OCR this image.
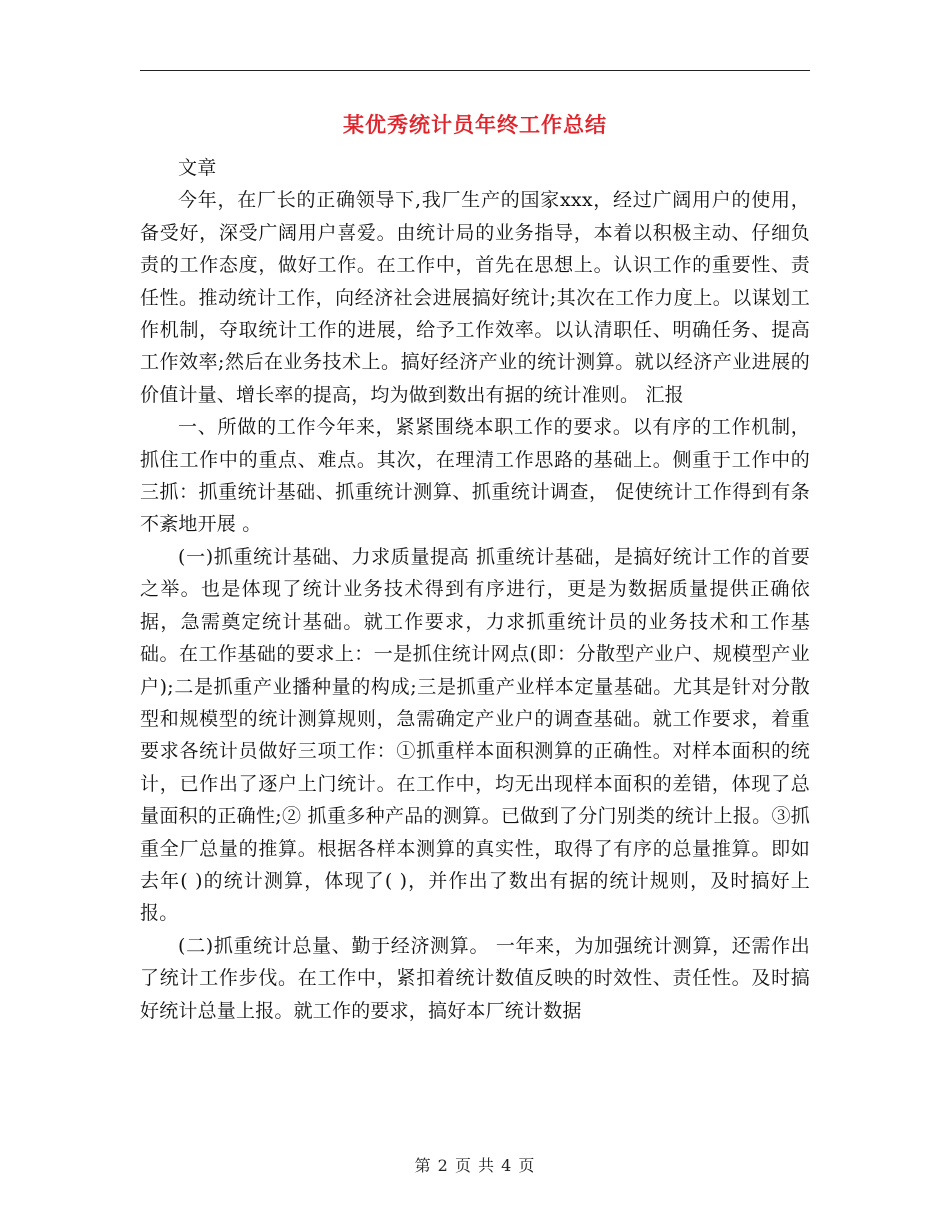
某优秀统计员年终工作总结

文章

今年，在厂长的正确领导下,我厂生产的国家xxx，经过广阔用户的使用，备受好，深受广阔用户喜爱。由统计局的业务指导，本着以积极主动、仔细负责的工作态度，做好工作。在工作中，首先在思想上。认识工作的重要性、责任性。推动统计工作，向经济社会进展搞好统计;其次在工作力度上。以谋划工作机制，夺取统计工作的进展，给予工作效率。以认清职任、明确任务、提高工作效率;然后在业务技术上。搞好经济产业的统计测算。就以经济产业进展的价值计量、增长率的提高，均为做到数出有据的统计准则。 汇报

一、所做的工作今年来，紧紧围绕本职工作的要求。以有序的工作机制，抓住工作中的重点、难点。其次，在理清工作思路的基础上。侧重于工作中的三抓：抓重统计基础、抓重统计测算、抓重统计调查， 促使统计工作得到有条不紊地开展 。

(一)抓重统计基础、力求质量提高 抓重统计基础，是搞好统计工作的首要之举。也是体现了统计业务技术得到有序进行，更是为数据质量提供正确依据，急需奠定统计基础。就工作要求，力求抓重统计员的业务技术和工作基础。在工作基础的要求上：一是抓住统计网点(即：分散型产业户、规模型产业户);二是抓重产业播种量的构成;三是抓重产业样本定量基础。尤其是针对分散型和规模型的统计测算规则，急需确定产业户的调查基础。就工作要求，着重要求各统计员做好三项工作：①抓重样本面积测算的正确性。对样本面积的统计，已作出了逐户上门统计。在工作中，均无出现样本面积的差错，体现了总量面积的正确性;② 抓重多种产品的测算。已做到了分门别类的统计上报。③抓重全厂总量的推算。根据各样本测算的真实性，取得了有序的总量推算。即如去年( )的统计测算，体现了( )，并作出了数出有据的统计规则，及时搞好上报。

(二)抓重统计总量、勤于经济测算。 一年来，为加强统计测算，还需作出了统计工作步伐。在工作中，紧扣着统计数值反映的时效性、责任性。及时搞好统计总量上报。就工作的要求，搞好本厂统计数据

第 2 页 共 4 页
